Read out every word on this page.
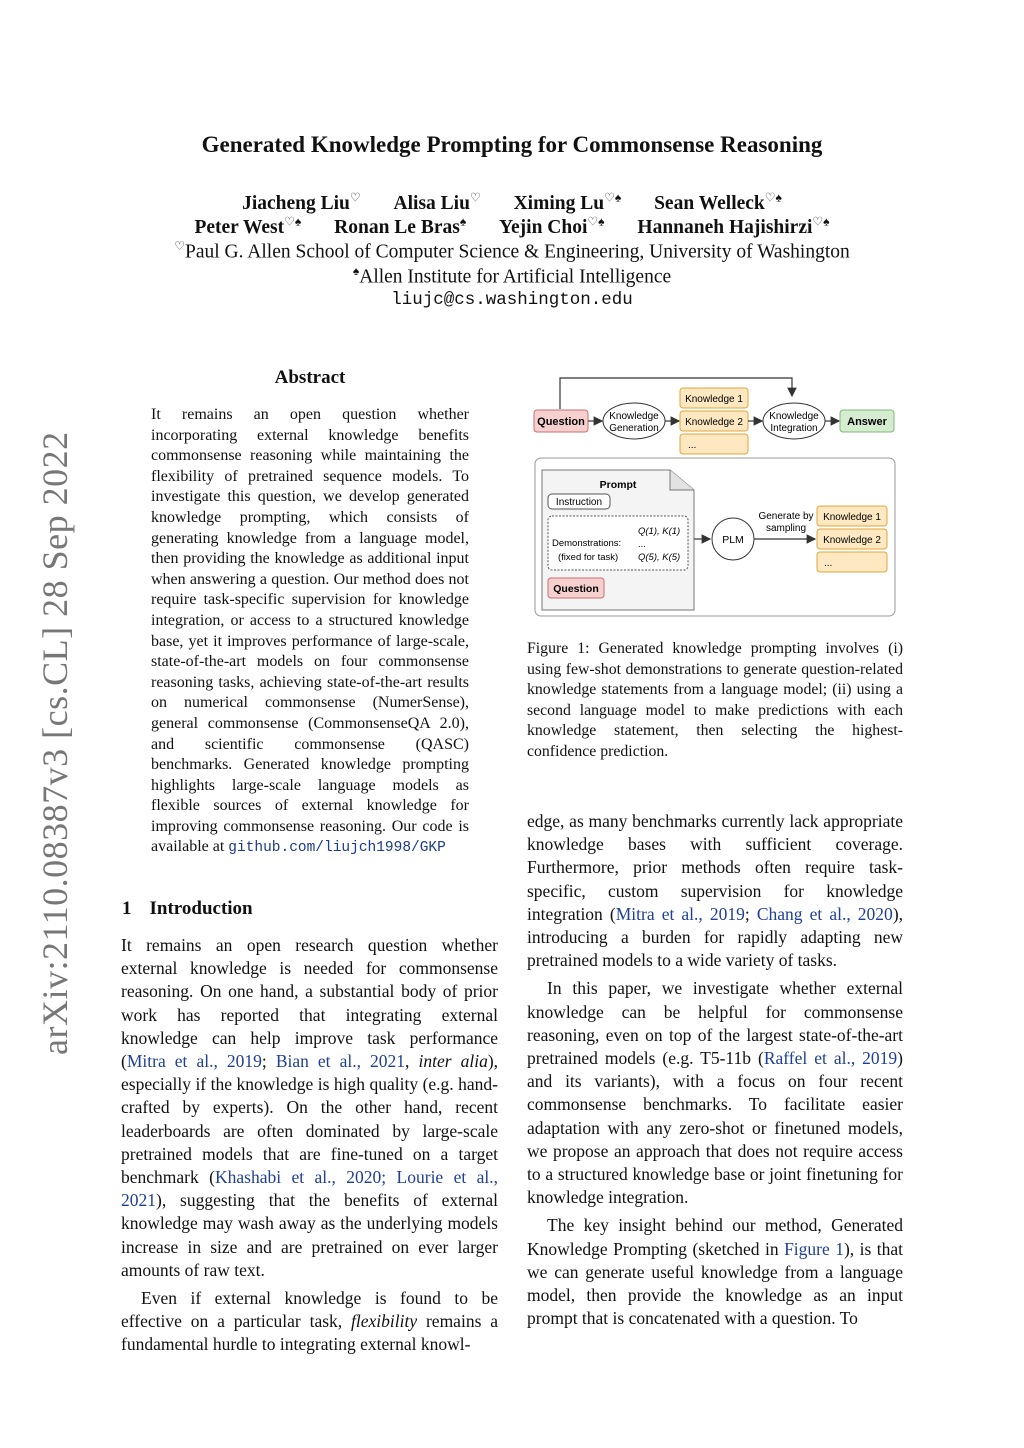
Generated Knowledge Prompting for Commonsense Reasoning
Jiacheng Liu♡ Alisa Liu♡ Ximing Lu♡♠ Sean Welleck♡♠
Peter West♡♠ Ronan Le Bras♠ Yejin Choi♡♠ Hannaneh Hajishirzi♡♠
♡Paul G. Allen School of Computer Science & Engineering, University of Washington
♠Allen Institute for Artificial Intelligence
liujc@cs.washington.edu
arXiv:2110.08387v3 [cs.CL] 28 Sep 2022
Abstract
It remains an open question whether incorporating external knowledge benefits commonsense reasoning while maintaining the flexibility of pretrained sequence models. To investigate this question, we develop generated knowledge prompting, which consists of generating knowledge from a language model, then providing the knowledge as additional input when answering a question. Our method does not require task-specific supervision for knowledge integration, or access to a structured knowledge base, yet it improves performance of large-scale, state-of-the-art models on four commonsense reasoning tasks, achieving state-of-the-art results on numerical commonsense (NumerSense), general commonsense (CommonsenseQA 2.0), and scientific commonsense (QASC) benchmarks. Generated knowledge prompting highlights large-scale language models as flexible sources of external knowledge for improving commonsense reasoning. Our code is available at github.com/liujch1998/GKP
1 Introduction

It remains an open research question whether external knowledge is needed for commonsense reasoning. On one hand, a substantial body of prior work has reported that integrating external knowledge can help improve task performance (Mitra et al., 2019; Bian et al., 2021, inter alia), especially if the knowledge is high quality (e.g. hand-crafted by experts). On the other hand, recent leaderboards are often dominated by large-scale pretrained models that are fine-tuned on a target benchmark (Khashabi et al., 2020; Lourie et al., 2021), suggesting that the benefits of external knowledge may wash away as the underlying models increase in size and are pretrained on ever larger amounts of raw text.

Even if external knowledge is found to be effective on a particular task, flexibility remains a fundamental hurdle to integrating external knowl-

edge, as many benchmarks currently lack appropriate knowledge bases with sufficient coverage. Furthermore, prior methods often require task-specific, custom supervision for knowledge integration (Mitra et al., 2019; Chang et al., 2020), introducing a burden for rapidly adapting new pretrained models to a wide variety of tasks.

In this paper, we investigate whether external knowledge can be helpful for commonsense reasoning, even on top of the largest state-of-the-art pretrained models (e.g. T5-11b (Raffel et al., 2019) and its variants), with a focus on four recent commonsense benchmarks. To facilitate easier adaptation with any zero-shot or finetuned models, we propose an approach that does not require access to a structured knowledge base or joint finetuning for knowledge integration.

The key insight behind our method, Generated Knowledge Prompting (sketched in Figure 1), is that we can generate useful knowledge from a language model, then provide the knowledge as an input prompt that is concatenated with a question. To

Question Knowledge
Generation
Knowledge 1
Knowledge 2
...
Knowledge
Integration
Answer
Prompt
Instruction
Demonstrations:
(fixed for task)
Q(1), K(1)
...
Q(5), K(5)
Question
PLM
Generate by
sampling
Knowledge 1
Knowledge 2
...
Figure 1: Generated knowledge prompting involves (i) using few-shot demonstrations to generate question-related knowledge statements from a language model; (ii) using a second language model to make predictions with each knowledge statement, then selecting the highest-confidence prediction.
